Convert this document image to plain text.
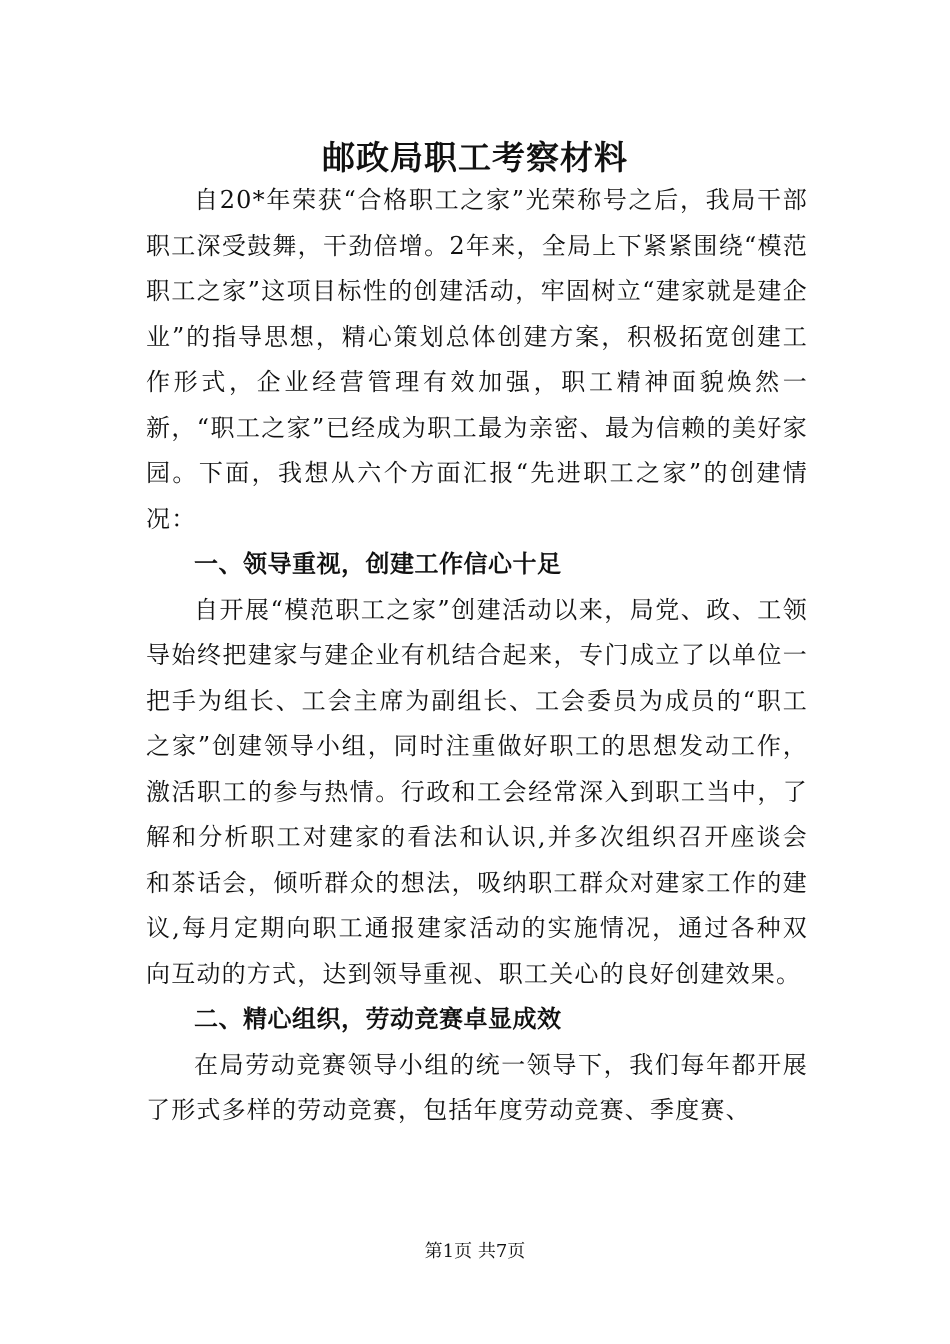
邮政局职工考察材料

自20*年荣获“合格职工之家”光荣称号之后，我局干部职工深受鼓舞，干劲倍增。2年来，全局上下紧紧围绕“模范职工之家”这项目标性的创建活动，牢固树立“建家就是建企业”的指导思想，精心策划总体创建方案，积极拓宽创建工作形式，企业经营管理有效加强，职工精神面貌焕然一新，“职工之家”已经成为职工最为亲密、最为信赖的美好家园。下面，我想从六个方面汇报“先进职工之家”的创建情况：

一、领导重视，创建工作信心十足

自开展“模范职工之家”创建活动以来，局党、政、工领导始终把建家与建企业有机结合起来，专门成立了以单位一把手为组长、工会主席为副组长、工会委员为成员的“职工之家”创建领导小组，同时注重做好职工的思想发动工作，激活职工的参与热情。行政和工会经常深入到职工当中，了解和分析职工对建家的看法和认识,并多次组织召开座谈会和茶话会，倾听群众的想法，吸纳职工群众对建家工作的建议,每月定期向职工通报建家活动的实施情况，通过各种双向互动的方式，达到领导重视、职工关心的良好创建效果。

二、精心组织，劳动竞赛卓显成效

在局劳动竞赛领导小组的统一领导下，我们每年都开展了形式多样的劳动竞赛，包括年度劳动竞赛、季度赛、

第1页 共7页
